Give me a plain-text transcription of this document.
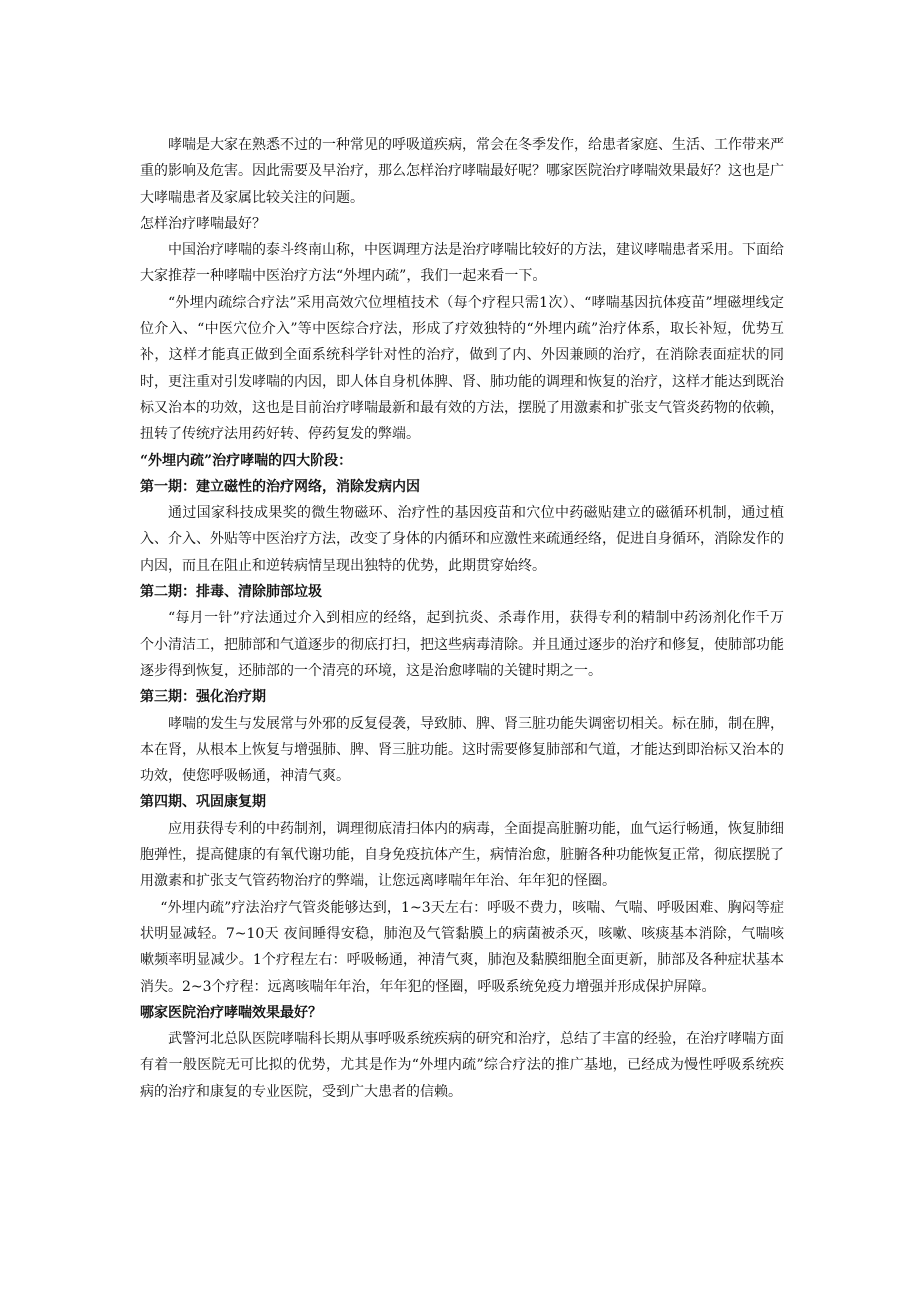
哮喘是大家在熟悉不过的一种常见的呼吸道疾病，常会在冬季发作，给患者家庭、生活、工作带来严重的影响及危害。因此需要及早治疗，那么怎样治疗哮喘最好呢？哪家医院治疗哮喘效果最好？这也是广大哮喘患者及家属比较关注的问题。

怎样治疗哮喘最好？

中国治疗哮喘的泰斗终南山称，中医调理方法是治疗哮喘比较好的方法，建议哮喘患者采用。下面给大家推荐一种哮喘中医治疗方法“外埋内疏”，我们一起来看一下。

“外埋内疏综合疗法”采用高效穴位埋植技术（每个疗程只需1次）、“哮喘基因抗体疫苗”埋磁埋线定位介入、“中医穴位介入”等中医综合疗法，形成了疗效独特的“外埋内疏”治疗体系，取长补短，优势互补，这样才能真正做到全面系统科学针对性的治疗，做到了内、外因兼顾的治疗，在消除表面症状的同时，更注重对引发哮喘的内因，即人体自身机体脾、肾、肺功能的调理和恢复的治疗，这样才能达到既治标又治本的功效，这也是目前治疗哮喘最新和最有效的方法，摆脱了用激素和扩张支气管炎药物的依赖，扭转了传统疗法用药好转、停药复发的弊端。

“外埋内疏”治疗哮喘的四大阶段：

第一期：建立磁性的治疗网络，消除发病内因

通过国家科技成果奖的微生物磁环、治疗性的基因疫苗和穴位中药磁贴建立的磁循环机制，通过植入、介入、外贴等中医治疗方法，改变了身体的内循环和应激性来疏通经络，促进自身循环，消除发作的内因，而且在阻止和逆转病情呈现出独特的优势，此期贯穿始终。

第二期：排毒、清除肺部垃圾

“每月一针”疗法通过介入到相应的经络，起到抗炎、杀毒作用，获得专利的精制中药汤剂化作千万个小清洁工，把肺部和气道逐步的彻底打扫，把这些病毒清除。并且通过逐步的治疗和修复，使肺部功能逐步得到恢复，还肺部的一个清亮的环境，这是治愈哮喘的关键时期之一。

第三期：强化治疗期

哮喘的发生与发展常与外邪的反复侵袭，导致肺、脾、肾三脏功能失调密切相关。标在肺，制在脾，本在肾，从根本上恢复与增强肺、脾、肾三脏功能。这时需要修复肺部和气道，才能达到即治标又治本的功效，使您呼吸畅通，神清气爽。

第四期、巩固康复期

应用获得专利的中药制剂，调理彻底清扫体内的病毒，全面提高脏腑功能，血气运行畅通，恢复肺细胞弹性，提高健康的有氧代谢功能，自身免疫抗体产生，病情治愈，脏腑各种功能恢复正常，彻底摆脱了用激素和扩张支气管药物治疗的弊端，让您远离哮喘年年治、年年犯的怪圈。

“外埋内疏”疗法治疗气管炎能够达到，1~3天左右：呼吸不费力，咳喘、气喘、呼吸困难、胸闷等症状明显减轻。7~10天 夜间睡得安稳，肺泡及气管黏膜上的病菌被杀灭，咳嗽、咳痰基本消除，气喘咳嗽频率明显减少。1个疗程左右：呼吸畅通，神清气爽，肺泡及黏膜细胞全面更新，肺部及各种症状基本消失。2~3个疗程：远离咳喘年年治，年年犯的怪圈，呼吸系统免疫力增强并形成保护屏障。

哪家医院治疗哮喘效果最好？

武警河北总队医院哮喘科长期从事呼吸系统疾病的研究和治疗，总结了丰富的经验，在治疗哮喘方面有着一般医院无可比拟的优势，尤其是作为“外埋内疏”综合疗法的推广基地，已经成为慢性呼吸系统疾病的治疗和康复的专业医院，受到广大患者的信赖。
